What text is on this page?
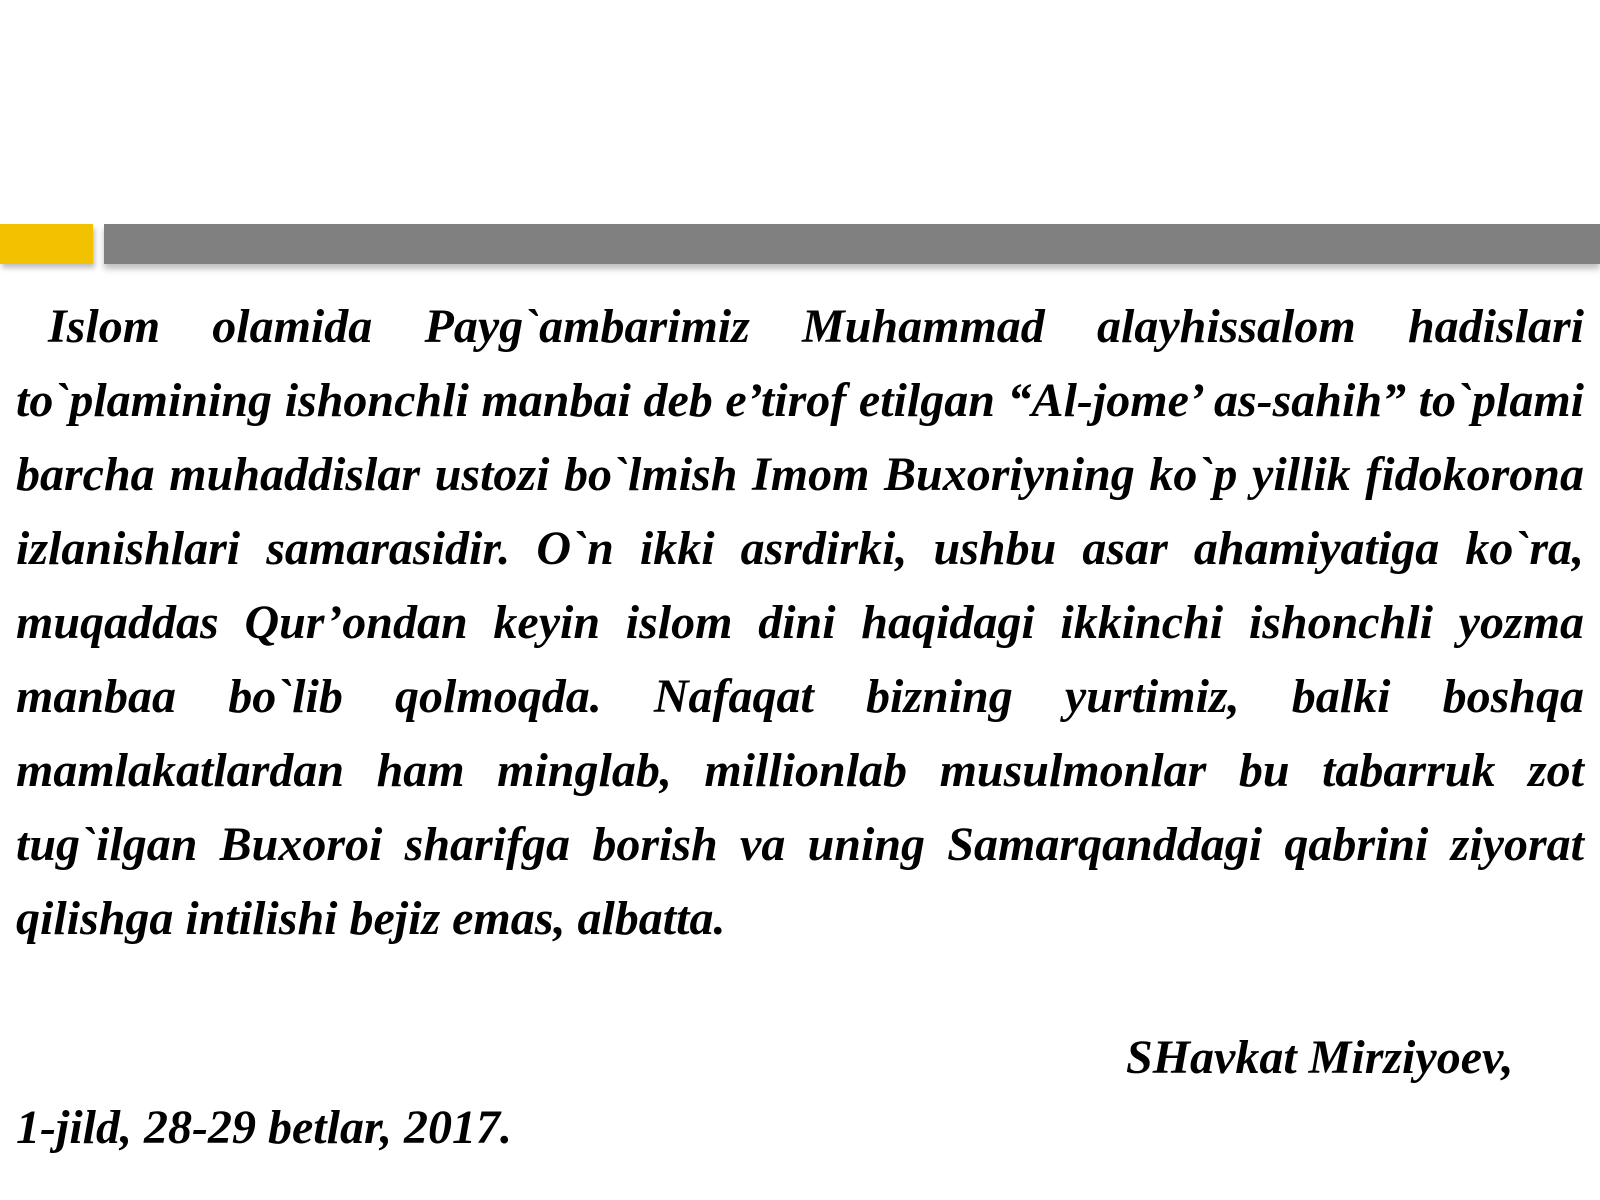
Islom olamida Payg`ambarimiz Muhammad alayhissalom hadislari to`plamining ishonchli manbai deb e’tirof etilgan “Al-jome’ as-sahih” to`plami barcha muhaddislar ustozi bo`lmish Imom Buxoriyning ko`p yillik fidokorona izlanishlari samarasidir. O`n ikki asrdirki, ushbu asar ahamiyatiga ko`ra, muqaddas Qur’ondan keyin islom dini haqidagi ikkinchi ishonchli yozma manbaa bo`lib qolmoqda. Nafaqat bizning yurtimiz, balki boshqa mamlakatlardan ham minglab, millionlab musulmonlar bu tabarruk zot tug`ilgan Buxoroi sharifga borish va uning Samarqanddagi qabrini ziyorat qilishga intilishi bejiz emas, albatta.

SHavkat Mirziyoev,
1-jild, 28-29 betlar, 2017.
